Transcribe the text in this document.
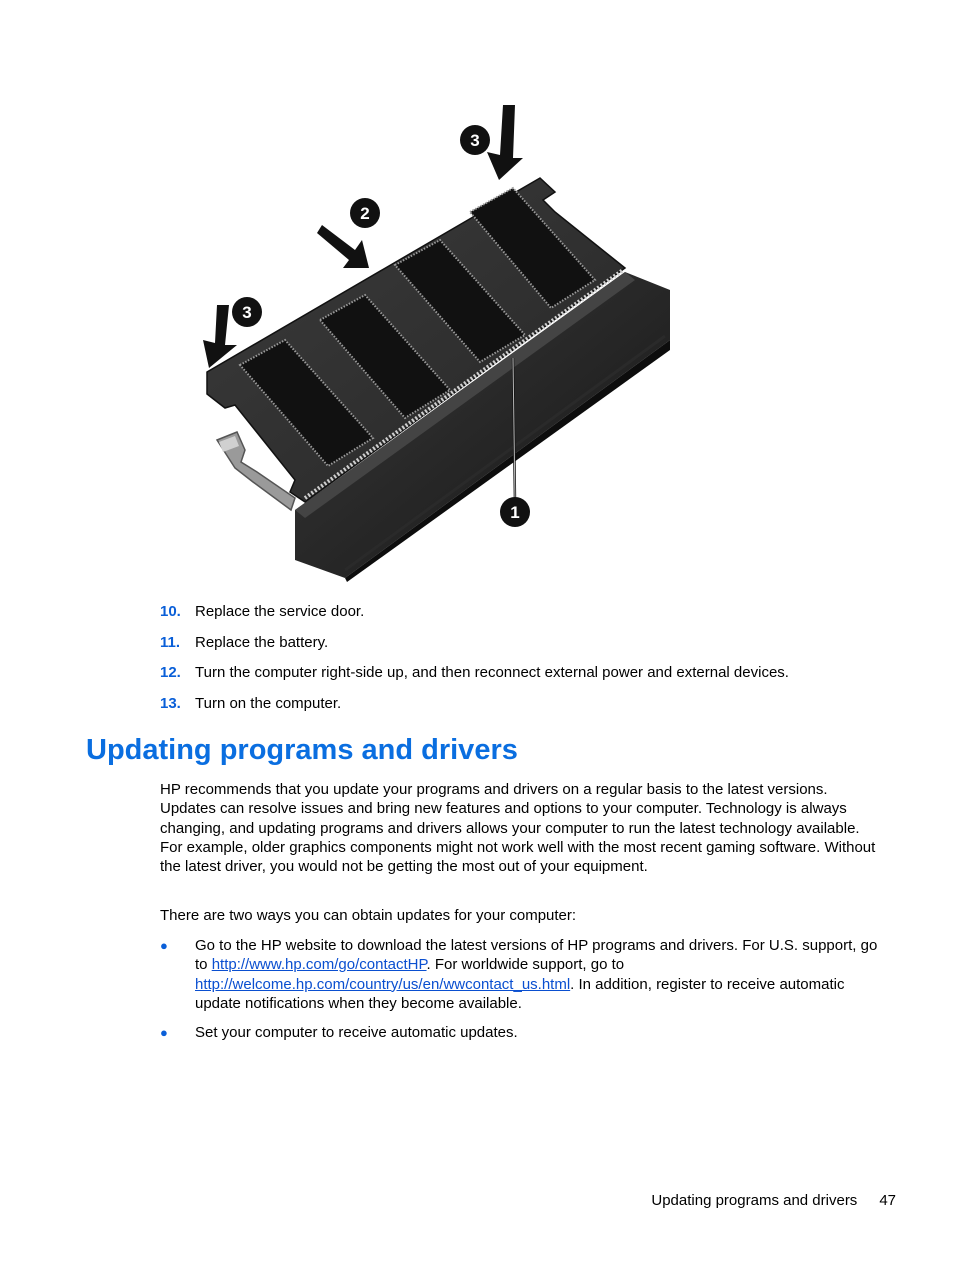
1
2
3
3
10. Replace the service door.
11. Replace the battery.
12. Turn the computer right-side up, and then reconnect external power and external devices.
13. Turn on the computer.
Updating programs and drivers

HP recommends that you update your programs and drivers on a regular basis to the latest versions. Updates can resolve issues and bring new features and options to your computer. Technology is always changing, and updating programs and drivers allows your computer to run the latest technology available. For example, older graphics components might not work well with the most recent gaming software. Without the latest driver, you would not be getting the most out of your equipment.

There are two ways you can obtain updates for your computer:

● Go to the HP website to download the latest versions of HP programs and drivers. For U.S. support, go to http://www.hp.com/go/contactHP. For worldwide support, go to http://welcome.hp.com/country/us/en/wwcontact_us.html. In addition, register to receive automatic update notifications when they become available.
● Set your computer to receive automatic updates.
Updating programs and drivers 47
